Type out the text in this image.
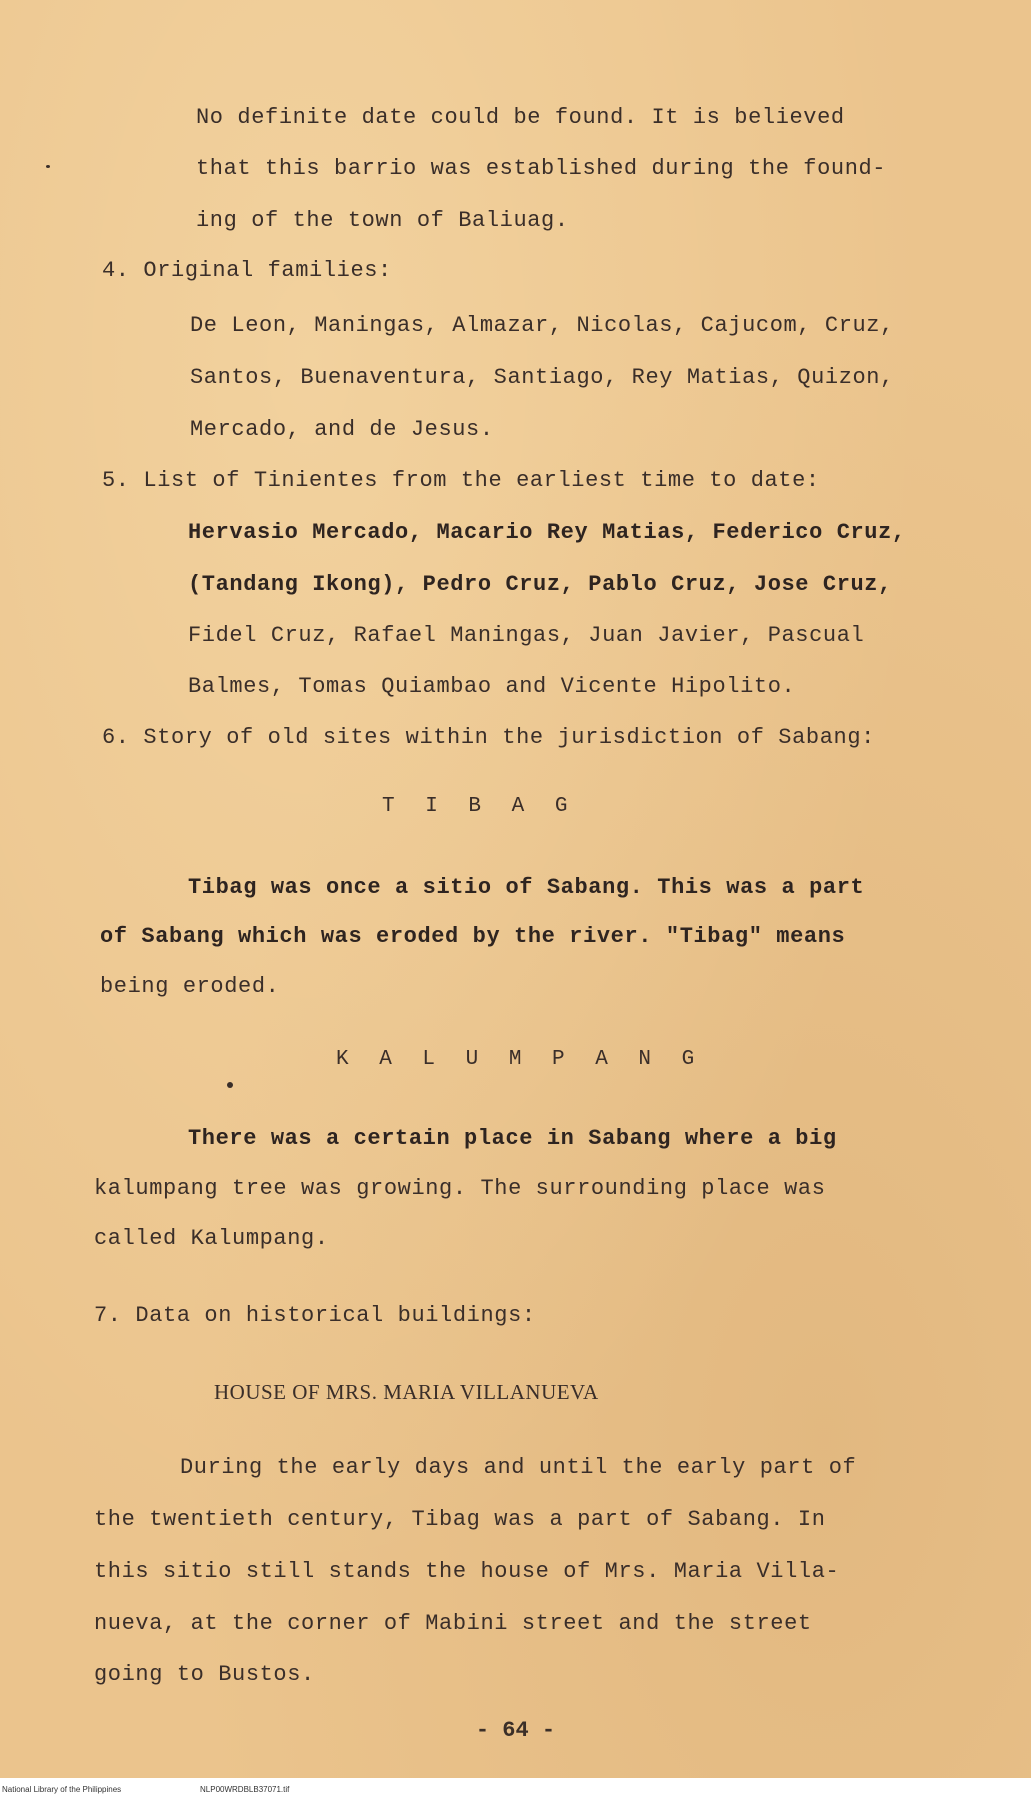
No definite date could be found. It is believed
that this barrio was established during the found-
ing of the town of Baliuag.
4. Original families:
De Leon, Maningas, Almazar, Nicolas, Cajucom, Cruz,
Santos, Buenaventura, Santiago, Rey Matias, Quizon,
Mercado, and de Jesus.
5. List of Tinientes from the earliest time to date:
Hervasio Mercado, Macario Rey Matias, Federico Cruz,
(Tandang Ikong), Pedro Cruz, Pablo Cruz, Jose Cruz,
Fidel Cruz, Rafael Maningas, Juan Javier, Pascual
Balmes, Tomas Quiambao and Vicente Hipolito.
6. Story of old sites within the jurisdiction of Sabang:
T I B A G
Tibag was once a sitio of Sabang. This was a part
of Sabang which was eroded by the river. "Tibag" means
being eroded.
K A L U M P A N G
There was a certain place in Sabang where a big
kalumpang tree was growing. The surrounding place was
called Kalumpang.
7. Data on historical buildings:
HOUSE OF MRS. MARIA VILLANUEVA
During the early days and until the early part of
the twentieth century, Tibag was a part of Sabang. In
this sitio still stands the house of Mrs. Maria Villa-
nueva, at the corner of Mabini street and the street
going to Bustos.
- 64 -
National Library of the Philippines	NLP00WRDBLB37071.tif
